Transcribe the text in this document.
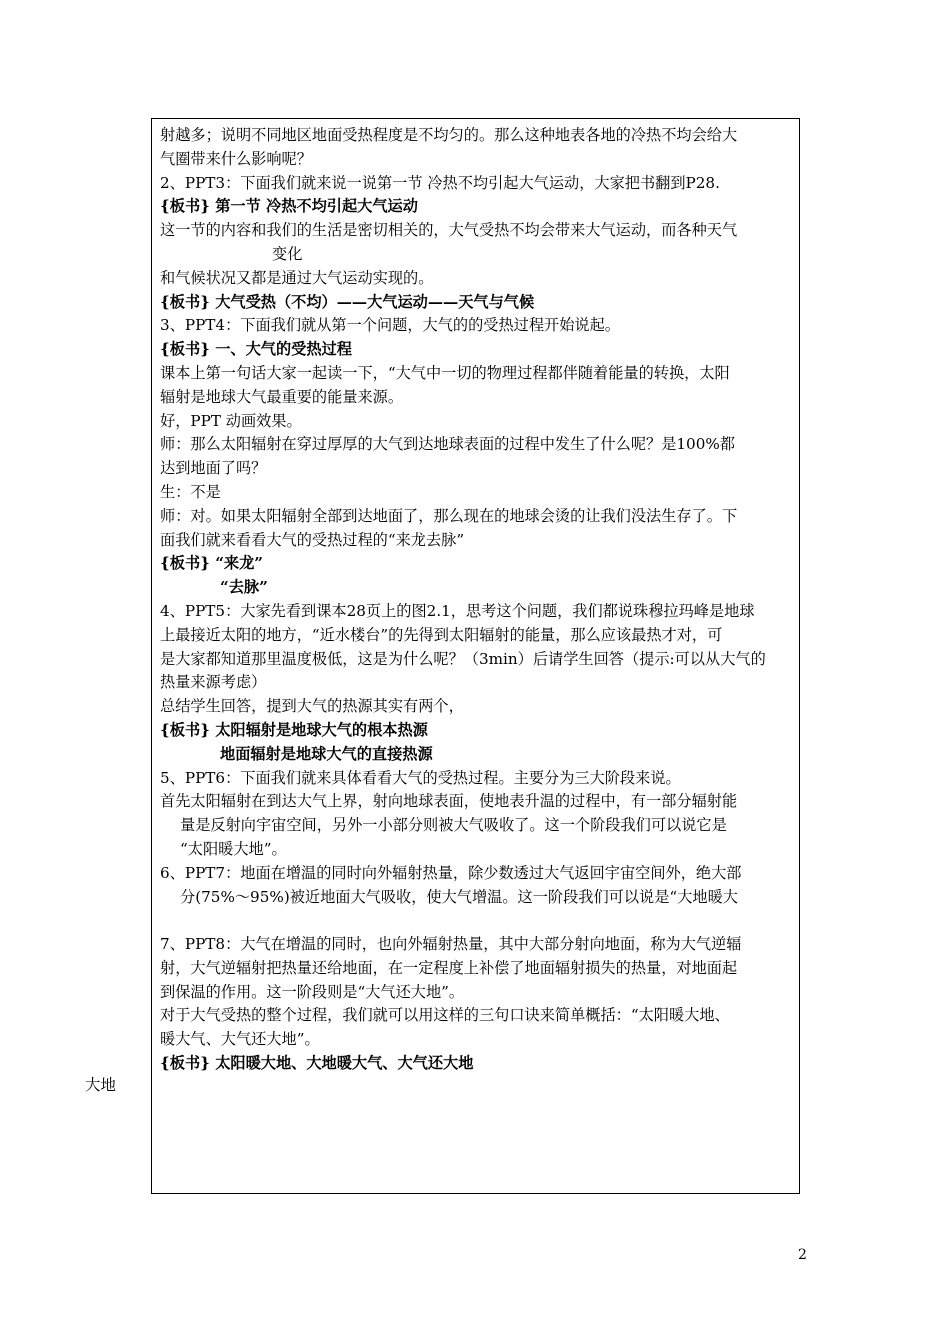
射越多；说明不同地区地面受热程度是不均匀的。那么这种地表各地的冷热不均会给大
气圈带来什么影响呢？
2、PPT3：下面我们就来说一说第一节 冷热不均引起大气运动，大家把书翻到P28.
{板书} 第一节 冷热不均引起大气运动
这一节的内容和我们的生活是密切相关的，大气受热不均会带来大气运动，而各种天气
变化
和气候状况又都是通过大气运动实现的。
{板书} 大气受热（不均）——大气运动——天气与气候
3、PPT4：下面我们就从第一个问题，大气的的受热过程开始说起。
{板书} 一、大气的受热过程
课本上第一句话大家一起读一下，“大气中一切的物理过程都伴随着能量的转换，太阳
辐射是地球大气最重要的能量来源。
好，PPT 动画效果。
师：那么太阳辐射在穿过厚厚的大气到达地球表面的过程中发生了什么呢？是100%都
达到地面了吗？
生：不是
师：对。如果太阳辐射全部到达地面了，那么现在的地球会烫的让我们没法生存了。下
面我们就来看看大气的受热过程的“来龙去脉”
{板书} “来龙”
“去脉”
4、PPT5：大家先看到课本28页上的图2.1，思考这个问题，我们都说珠穆拉玛峰是地球
上最接近太阳的地方，“近水楼台”的先得到太阳辐射的能量，那么应该最热才对，可
是大家都知道那里温度极低，这是为什么呢？（3min）后请学生回答（提示:可以从大气的
热量来源考虑）
总结学生回答，提到大气的热源其实有两个，
{板书} 太阳辐射是地球大气的根本热源
地面辐射是地球大气的直接热源
5、PPT6：下面我们就来具体看看大气的受热过程。主要分为三大阶段来说。
首先太阳辐射在到达大气上界，射向地球表面，使地表升温的过程中，有一部分辐射能
量是反射向宇宙空间，另外一小部分则被大气吸收了。这一个阶段我们可以说它是
“太阳暖大地”。
6、PPT7：地面在增温的同时向外辐射热量，除少数透过大气返回宇宙空间外，绝大部
分(75%～95%)被近地面大气吸收，使大气增温。这一阶段我们可以说是“大地暖大
7、PPT8：大气在增温的同时，也向外辐射热量，其中大部分射向地面，称为大气逆辐
射，大气逆辐射把热量还给地面，在一定程度上补偿了地面辐射损失的热量，对地面起
到保温的作用。这一阶段则是“大气还大地”。
对于大气受热的整个过程，我们就可以用这样的三句口诀来简单概括：“太阳暖大地、
暖大气、大气还大地”。
{板书} 太阳暖大地、大地暖大气、大气还大地
大地
2
